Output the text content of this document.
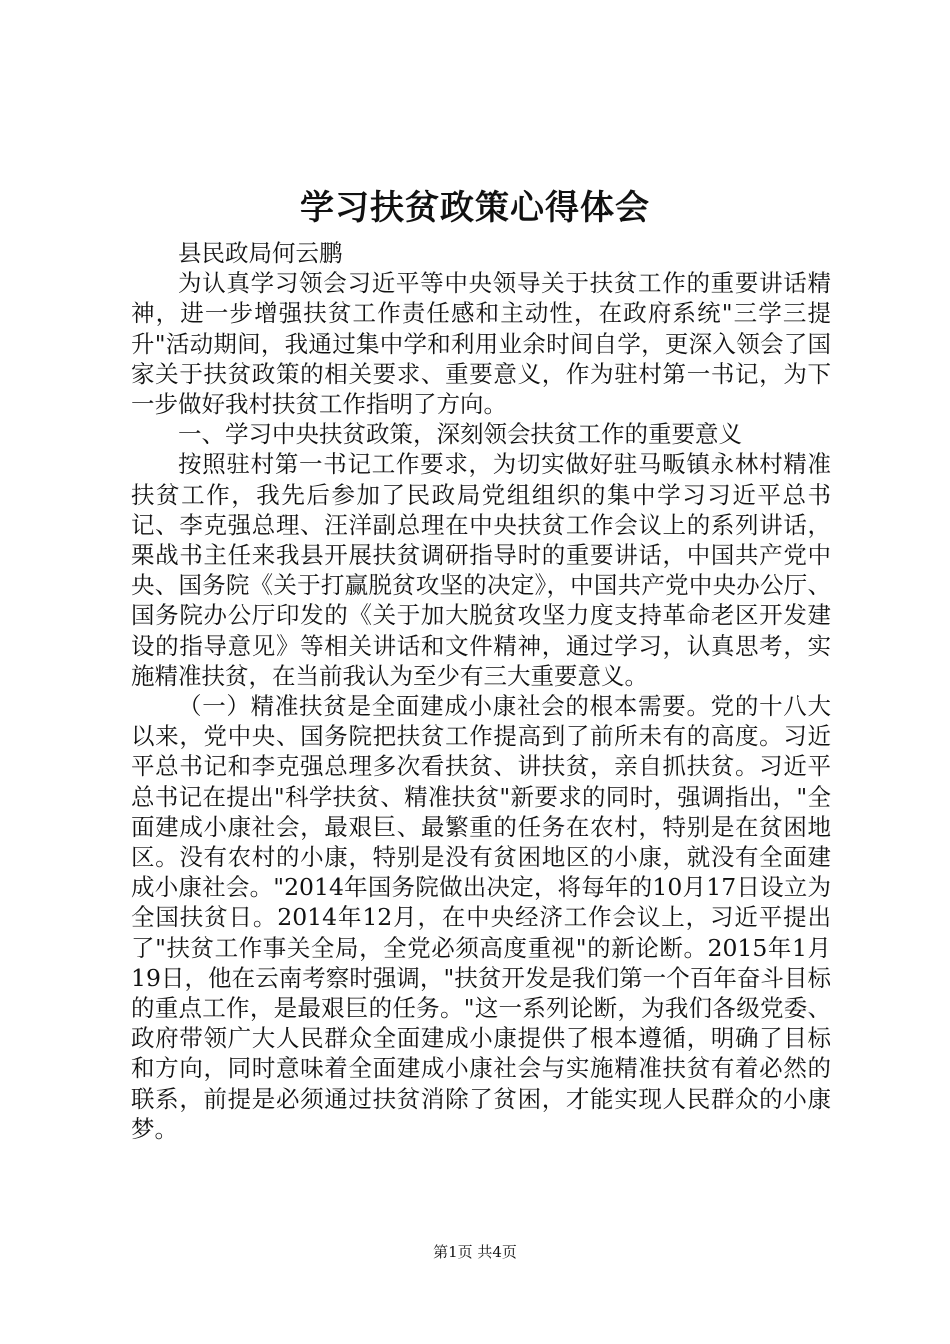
学习扶贫政策心得体会

县民政局何云鹏

为认真学习领会习近平等中央领导关于扶贫工作的重要讲话精神，进一步增强扶贫工作责任感和主动性，在政府系统"三学三提升"活动期间，我通过集中学和利用业余时间自学，更深入领会了国家关于扶贫政策的相关要求、重要意义，作为驻村第一书记，为下一步做好我村扶贫工作指明了方向。

一、学习中央扶贫政策，深刻领会扶贫工作的重要意义

按照驻村第一书记工作要求，为切实做好驻马畈镇永林村精准扶贫工作，我先后参加了民政局党组组织的集中学习习近平总书记、李克强总理、汪洋副总理在中央扶贫工作会议上的系列讲话，栗战书主任来我县开展扶贫调研指导时的重要讲话，中国共产党中央、国务院《关于打赢脱贫攻坚的决定》，中国共产党中央办公厅、国务院办公厅印发的《关于加大脱贫攻坚力度支持革命老区开发建设的指导意见》等相关讲话和文件精神，通过学习，认真思考，实施精准扶贫，在当前我认为至少有三大重要意义。

（一）精准扶贫是全面建成小康社会的根本需要。党的十八大以来，党中央、国务院把扶贫工作提高到了前所未有的高度。习近平总书记和李克强总理多次看扶贫、讲扶贫，亲自抓扶贫。习近平总书记在提出"科学扶贫、精准扶贫"新要求的同时，强调指出，"全面建成小康社会，最艰巨、最繁重的任务在农村，特别是在贫困地区。没有农村的小康，特别是没有贫困地区的小康，就没有全面建成小康社会。"2014年国务院做出决定，将每年的10月17日设立为全国扶贫日。2014年12月，在中央经济工作会议上，习近平提出了"扶贫工作事关全局，全党必须高度重视"的新论断。2015年1月19日，他在云南考察时强调，"扶贫开发是我们第一个百年奋斗目标的重点工作，是最艰巨的任务。"这一系列论断，为我们各级党委、政府带领广大人民群众全面建成小康提供了根本遵循，明确了目标和方向，同时意味着全面建成小康社会与实施精准扶贫有着必然的联系，前提是必须通过扶贫消除了贫困，才能实现人民群众的小康梦。

第1页 共4页
